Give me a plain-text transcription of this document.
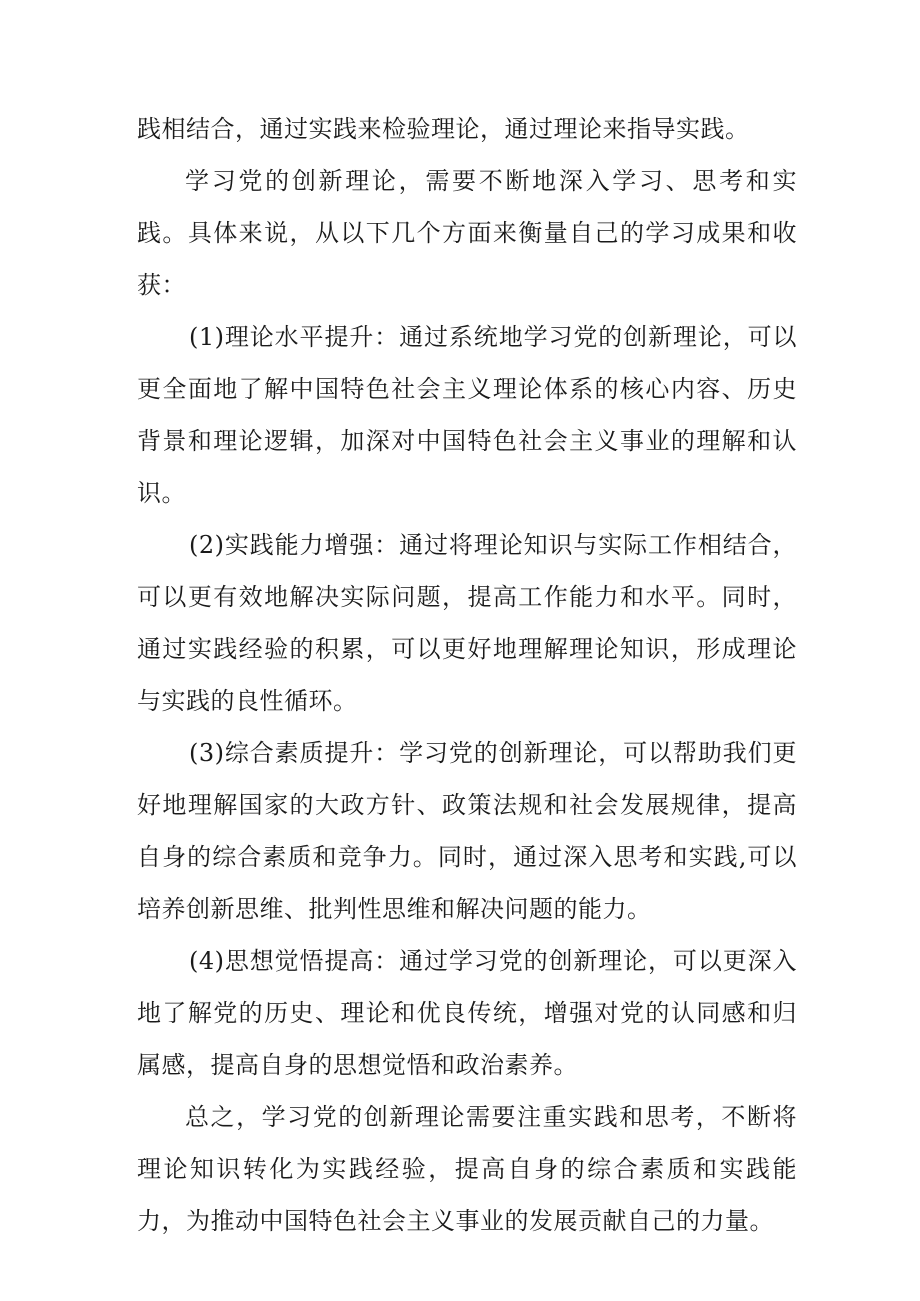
践相结合，通过实践来检验理论，通过理论来指导实践。

学习党的创新理论，需要不断地深入学习、思考和实践。具体来说，从以下几个方面来衡量自己的学习成果和收获：

(1)理论水平提升：通过系统地学习党的创新理论，可以更全面地了解中国特色社会主义理论体系的核心内容、历史背景和理论逻辑，加深对中国特色社会主义事业的理解和认识。

(2)实践能力增强：通过将理论知识与实际工作相结合，可以更有效地解决实际问题，提高工作能力和水平。同时，通过实践经验的积累，可以更好地理解理论知识，形成理论与实践的良性循环。

(3)综合素质提升：学习党的创新理论，可以帮助我们更好地理解国家的大政方针、政策法规和社会发展规律，提高自身的综合素质和竞争力。同时，通过深入思考和实践,可以培养创新思维、批判性思维和解决问题的能力。

(4)思想觉悟提高：通过学习党的创新理论，可以更深入地了解党的历史、理论和优良传统，增强对党的认同感和归属感，提高自身的思想觉悟和政治素养。

总之，学习党的创新理论需要注重实践和思考，不断将理论知识转化为实践经验，提高自身的综合素质和实践能力，为推动中国特色社会主义事业的发展贡献自己的力量。
